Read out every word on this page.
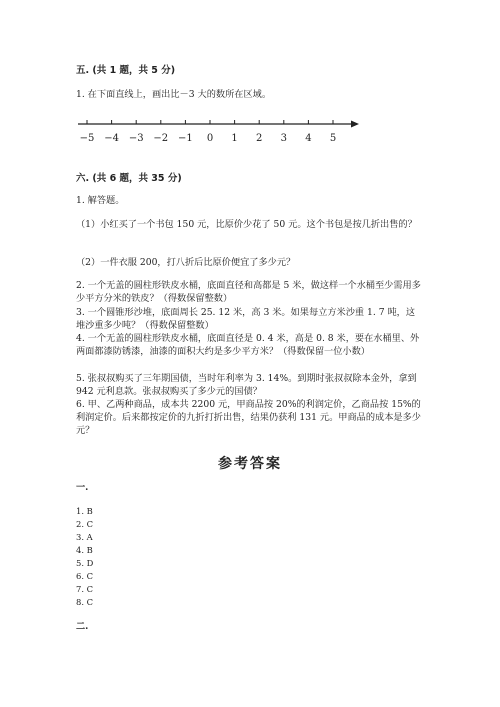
五. (共 1 题，共 5 分)
1. 在下面直线上，画出比－3 大的数所在区域。
−5 −4 −3 −2 −1 0 1 2 3 4 5
六. (共 6 题，共 35 分)
1. 解答题。
（1）小红买了一个书包 150 元，比原价少花了 50 元。这个书包是按几折出售的？
（2）一件衣服 200，打八折后比原价便宜了多少元？
2. 一个无盖的圆柱形铁皮水桶，底面直径和高都是 5 米，做这样一个水桶至少需用多少平方分米的铁皮？（得数保留整数）
3. 一个圆锥形沙堆，底面周长 25. 12 米，高 3 米。如果每立方米沙重 1. 7 吨，这堆沙重多少吨？（得数保留整数）
4. 一个无盖的圆柱形铁皮水桶，底面直径是 0. 4 米，高是 0. 8 米，要在水桶里、外两面都漆防锈漆，油漆的面积大约是多少平方米？（得数保留一位小数）
5. 张叔叔购买了三年期国债，当时年利率为 3. 14%。到期时张叔叔除本金外，拿到 942 元利息款。张叔叔购买了多少元的国债？
6. 甲、乙两种商品，成本共 2200 元，甲商品按 20%的利润定价，乙商品按 15%的利润定价。后来都按定价的九折打折出售，结果仍获利 131 元。甲商品的成本是多少元？
参考答案
一.
1. B
2. C
3. A
4. B
5. D
6. C
7. C
8. C
二.
